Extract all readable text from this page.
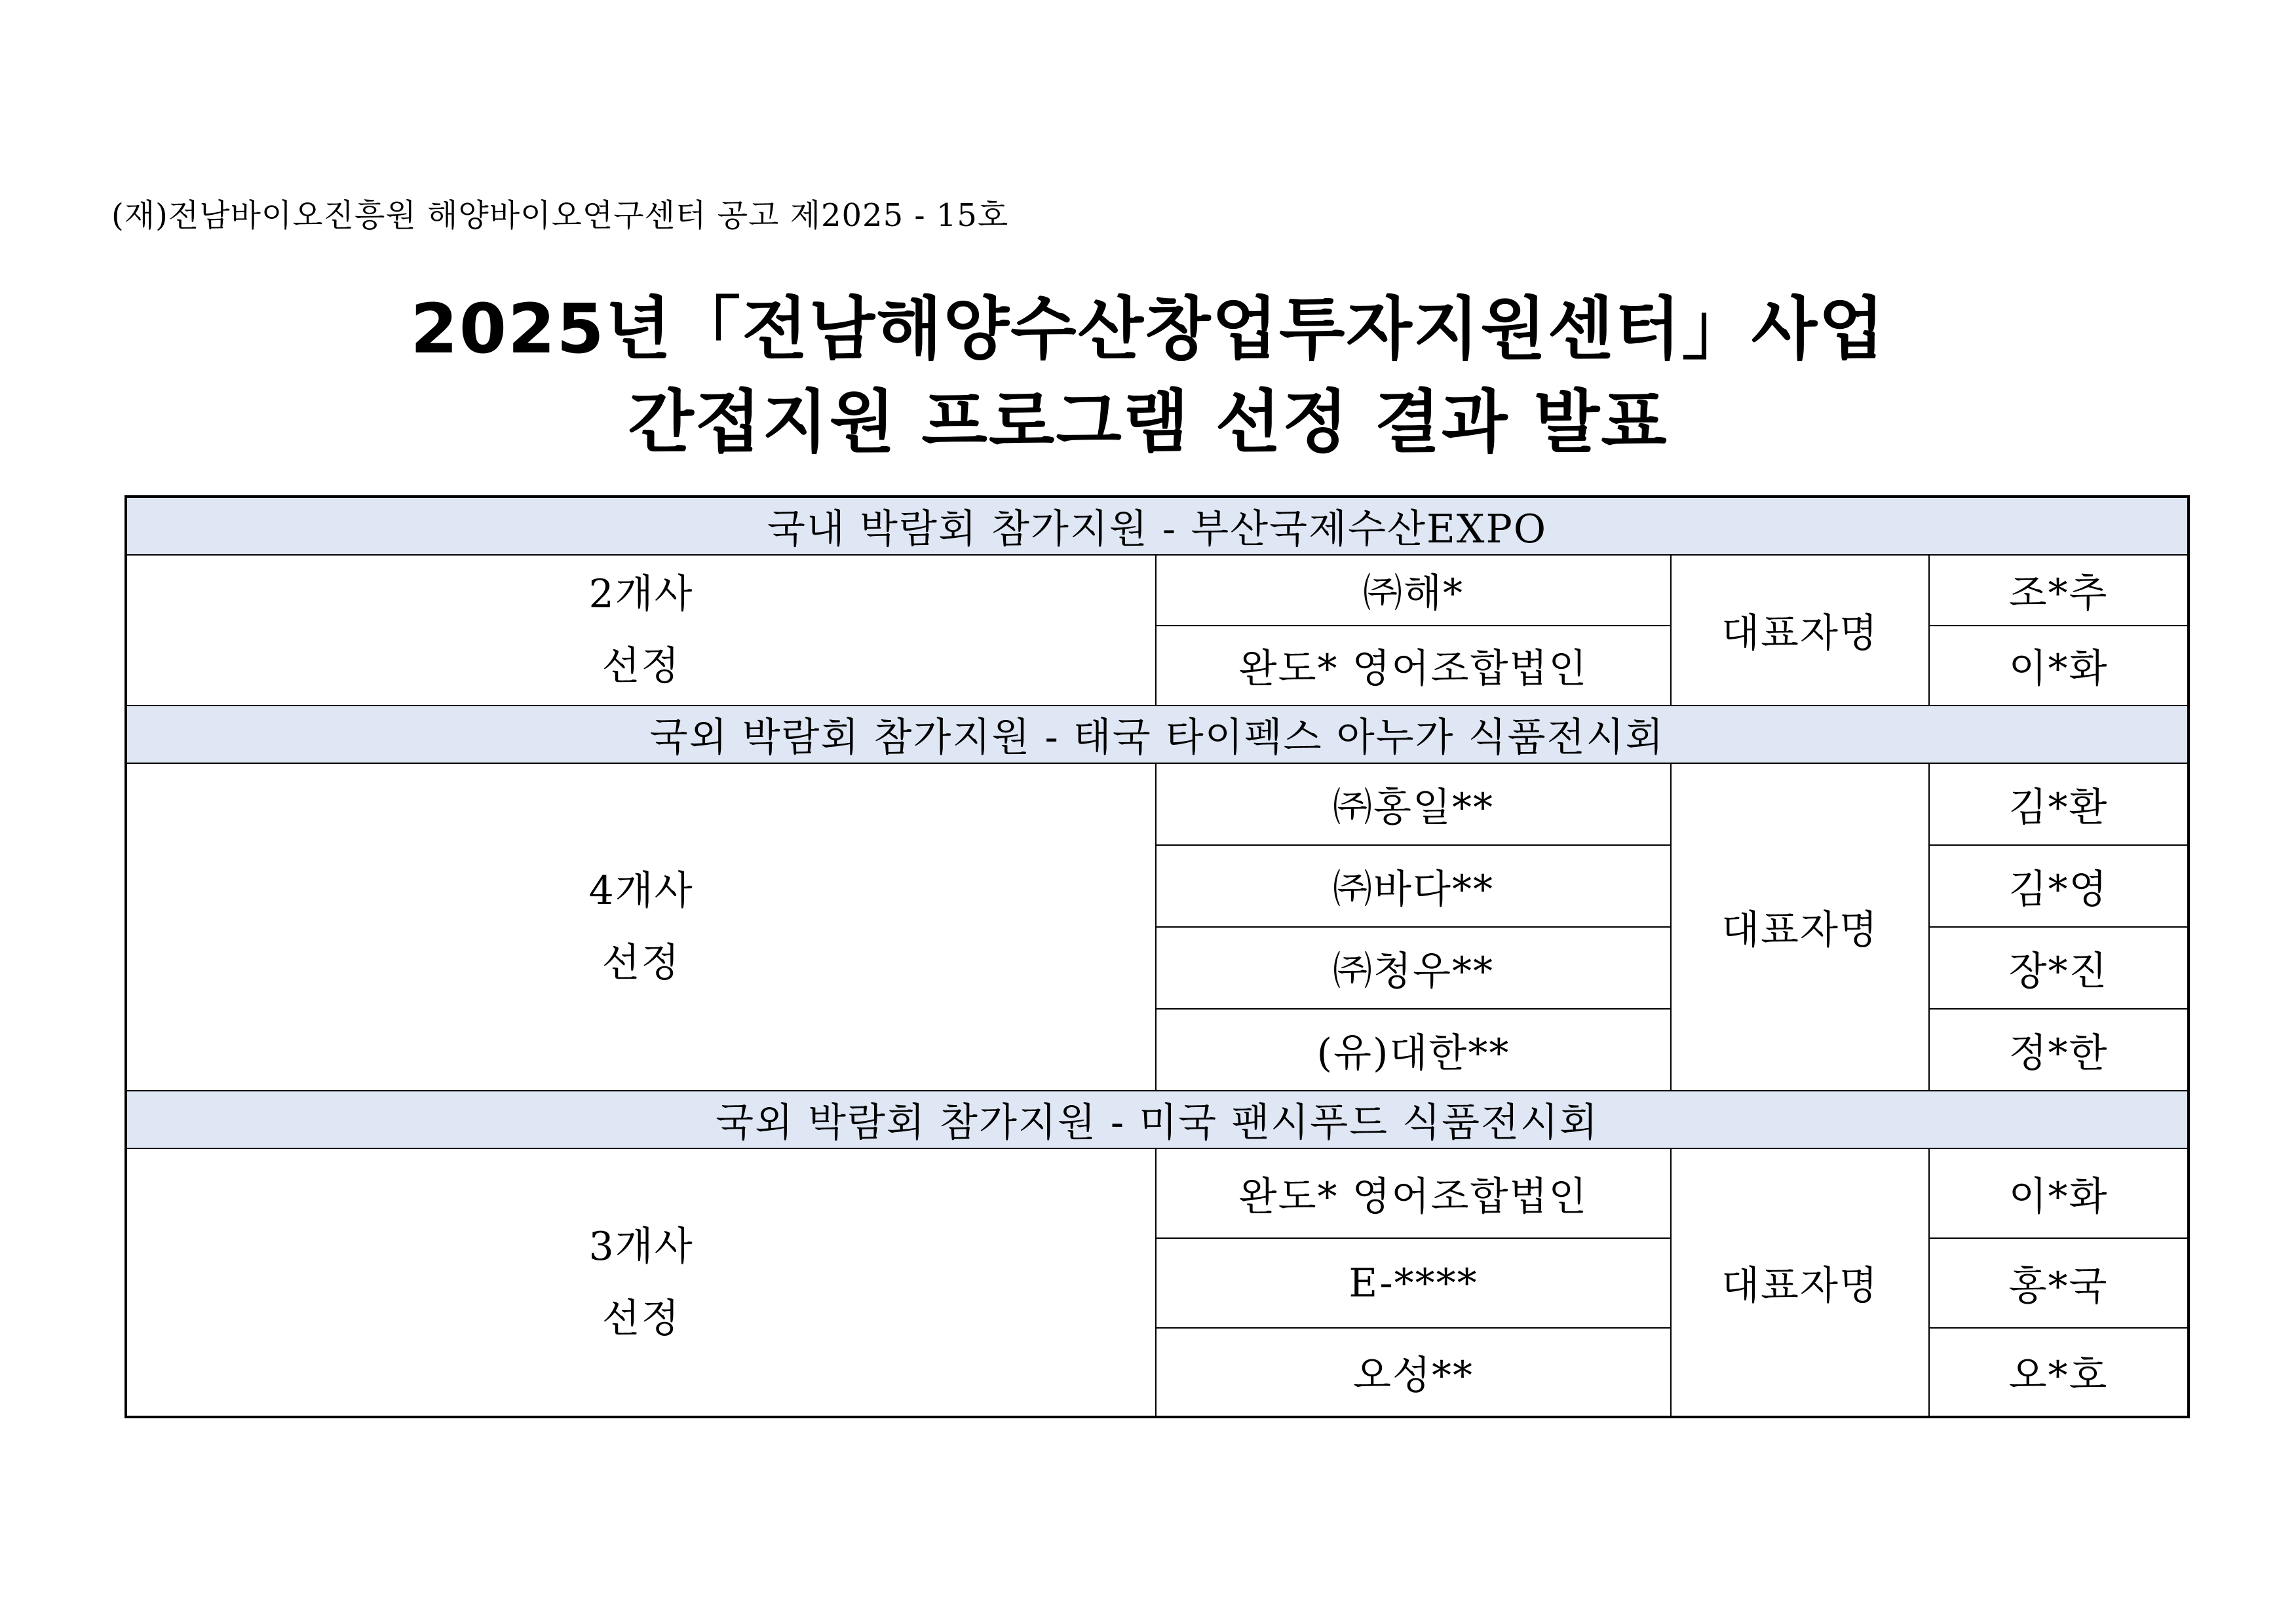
(재)전남바이오진흥원 해양바이오연구센터 공고 제2025 - 15호
2025년「전남해양수산창업투자지원센터」사업
간접지원 프로그램 선정 결과 발표
국내 박람회 참가지원 - 부산국제수산EXPO			

2개사
선정	㈜해*	대표자명	조*추
	완도* 영어조합법인		이*화
국외 박람회 참가지원 - 태국 타이펙스 아누가 식품전시회			

4개사
선정	㈜홍일**	대표자명	김*환
	㈜바다**		김*영
	㈜청우**		장*진
	(유)대한**		정*한
국외 박람회 참가지원 - 미국 팬시푸드 식품전시회			

3개사
선정	완도* 영어조합법인	대표자명	이*화
	E-****		홍*국
	오성**		오*호
